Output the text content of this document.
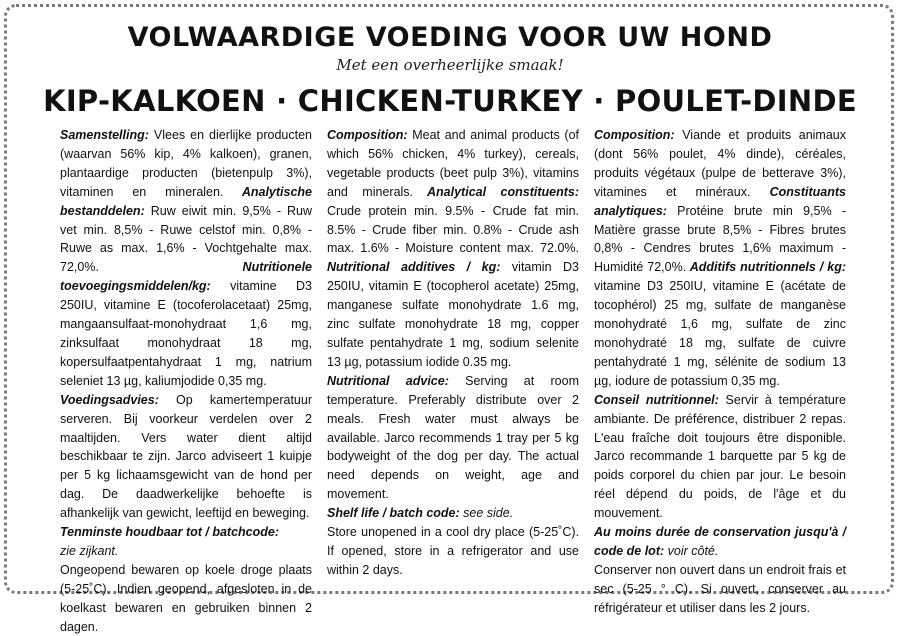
VOLWAARDIGE VOEDING VOOR UW HOND
Met een overheerlijke smaak!
KIP-KALKOEN · CHICKEN-TURKEY · POULET-DINDE

Samenstelling: Vlees en dierlijke producten (waarvan 56% kip, 4% kalkoen), granen, plantaardige producten (bietenpulp 3%), vitaminen en mineralen. Analytische bestanddelen: Ruw eiwit min. 9,5% - Ruw vet min. 8,5% - Ruwe celstof min. 0,8% - Ruwe as max. 1,6% - Vochtgehalte max. 72,0%. Nutritionele toevoegingsmiddelen/kg: vitamine D3 250IU, vitamine E (tocoferolacetaat) 25mg, mangaansulfaat-monohydraat 1,6 mg, zinksulfaat monohydraat 18 mg, kopersulfaatpentahydraat 1 mg, natrium seleniet 13 µg, kaliumjodide 0,35 mg.

Voedingsadvies: Op kamertemperatuur serveren. Bij voorkeur verdelen over 2 maaltijden. Vers water dient altijd beschikbaar te zijn. Jarco adviseert 1 kuipje per 5 kg lichaamsgewicht van de hond per dag. De daadwerkelijke behoefte is afhankelijk van gewicht, leeftijd en beweging.

Tenminste houdbaar tot / batchcode:

zie zijkant.

Ongeopend bewaren op koele droge plaats (5-25˚C). Indien geopend, afgesloten in de koelkast bewaren en gebruiken binnen 2 dagen.

Composition: Meat and animal products (of which 56% chicken, 4% turkey), cereals, vegetable products (beet pulp 3%), vitamins and minerals. Analytical constituents: Crude protein min. 9.5% - Crude fat min. 8.5% - Crude fiber min. 0.8% - Crude ash max. 1.6% - Moisture content max. 72.0%. Nutritional additives / kg: vitamin D3 250IU, vitamin E (tocopherol acetate) 25mg, manganese sulfate monohydrate 1.6 mg, zinc sulfate monohydrate 18 mg, copper sulfate pentahydrate 1 mg, sodium selenite 13 µg, potassium iodide 0.35 mg.

Nutritional advice: Serving at room temperature. Preferably distribute over 2 meals. Fresh water must always be available. Jarco recommends 1 tray per 5 kg bodyweight of the dog per day. The actual need depends on weight, age and movement.

Shelf life / batch code: see side.

Store unopened in a cool dry place (5-25˚C). If opened, store in a refrigerator and use within 2 days.

Composition: Viande et produits animaux (dont 56% poulet, 4% dinde), céréales, produits végétaux (pulpe de betterave 3%), vitamines et minéraux. Constituants analytiques: Protéine brute min 9,5% - Matière grasse brute 8,5% - Fibres brutes 0,8% - Cendres brutes 1,6% maximum - Humidité 72,0%. Additifs nutritionnels / kg: vitamine D3 250IU, vitamine E (acétate de tocophérol) 25 mg, sulfate de manganèse monohydraté 1,6 mg, sulfate de zinc monohydraté 18 mg, sulfate de cuivre pentahydraté 1 mg, sélénite de sodium 13 µg, iodure de potassium 0,35 mg.

Conseil nutritionnel: Servir à température ambiante. De préférence, distribuer 2 repas. L'eau fraîche doit toujours être disponible. Jarco recommande 1 barquette par 5 kg de poids corporel du chien par jour. Le besoin réel dépend du poids, de l'âge et du mouvement.

Au moins durée de conservation jusqu'à / code de lot: voir côté.

Conserver non ouvert dans un endroit frais et sec (5-25 ° C). Si ouvert, conserver au réfrigérateur et utiliser dans les 2 jours.
